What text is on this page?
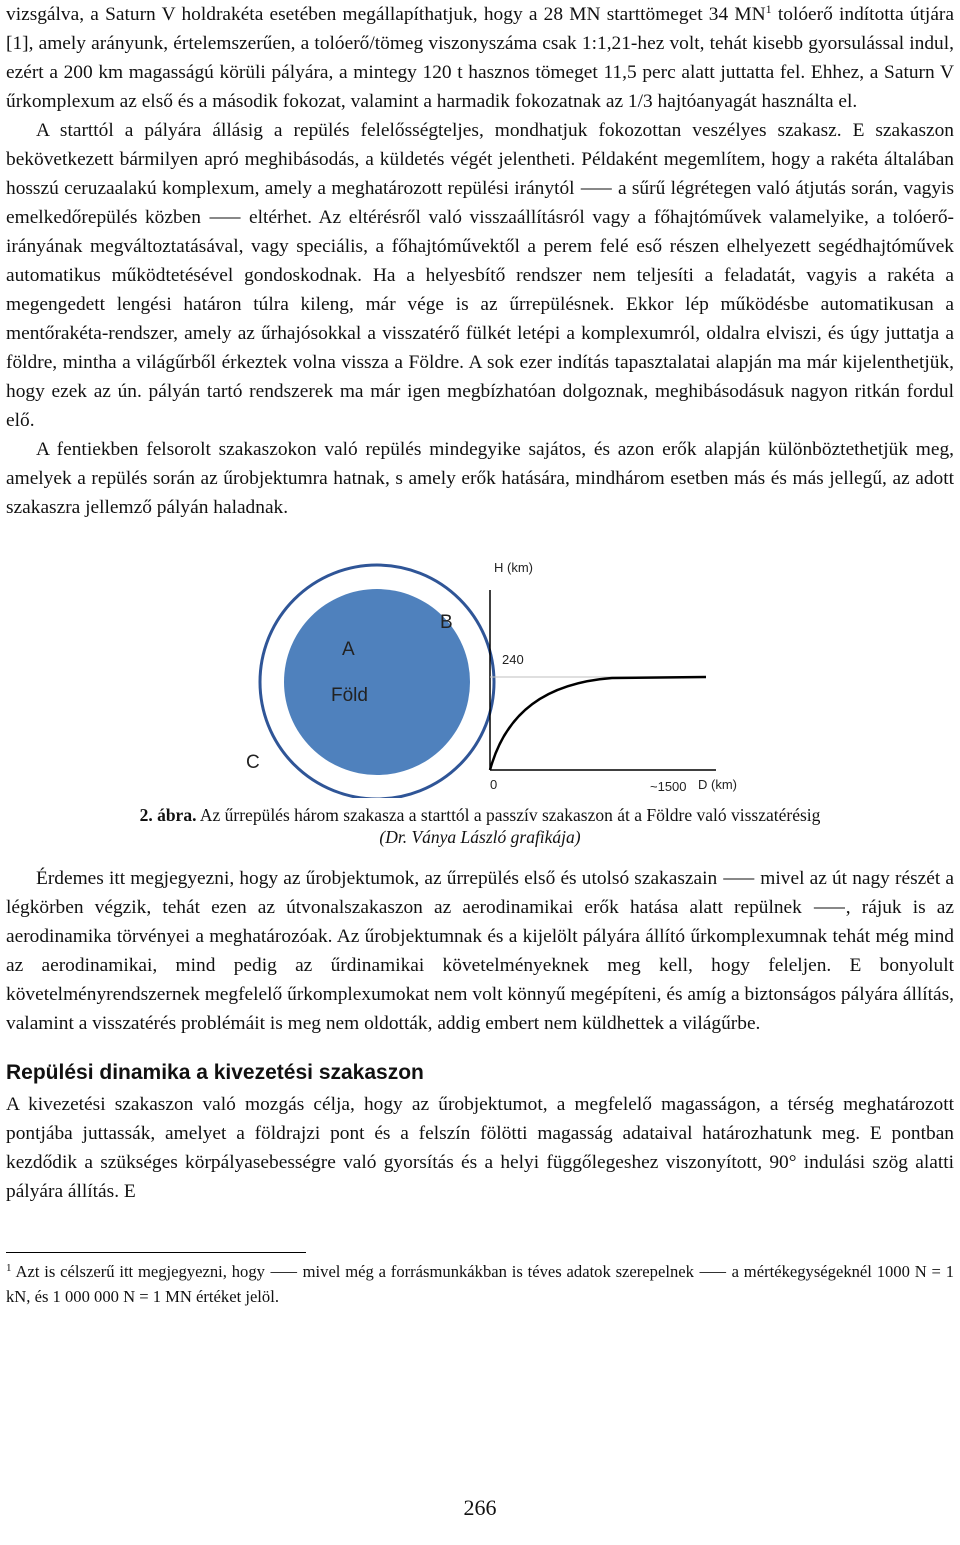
vizsgálva, a Saturn V holdrakéta esetében megállapíthatjuk, hogy a 28 MN starttömeget 34 MN$^1$ tolóerő indította útjára [1], amely arányunk, értelemszerűen, a tolóerő/tömeg viszonyszáma csak 1:1,21-hez volt, tehát kisebb gyorsulással indul, ezért a 200 km magasságú körüli pályára, a mintegy 120 t hasznos tömeget 11,5 perc alatt juttatta fel. Ehhez, a Saturn V űrkomplexum az első és a második fokozat, valamint a harmadik fokozatnak az 1/3 hajtóanyagát használta el.

A starttól a pályára állásig a repülés felelősségteljes, mondhatjuk fokozottan veszélyes szakasz. E szakaszon bekövetkezett bármilyen apró meghibásodás, a küldetés végét jelentheti. Példaként megemlítem, hogy a rakéta általában hosszú ceruzaalakú komplexum, amely a meghatározott repülési iránytól ⸺ a sűrű légrétegen való átjutás során, vagyis emelkedőrepülés közben ⸺ eltérhet. Az eltérésről való visszaállításról vagy a főhajtóművek valamelyike, a tolóerő-irányának megváltoztatásával, vagy speciális, a főhajtóművektől a perem felé eső részen elhelyezett segédhajtóművek automatikus működtetésével gondoskodnak. Ha a helyesbítő rendszer nem teljesíti a feladatát, vagyis a rakéta a megengedett lengési határon túlra kileng, már vége is az űrrepülésnek. Ekkor lép működésbe automatikusan a mentőrakéta-rendszer, amely az űrhajósokkal a visszatérő fülkét letépi a komplexumról, oldalra elviszi, és úgy juttatja a földre, mintha a világűrből érkeztek volna vissza a Földre. A sok ezer indítás tapasztalatai alapján ma már kijelenthetjük, hogy ezek az ún. pályán tartó rendszerek ma már igen megbízhatóan dolgoznak, meghibásodásuk nagyon ritkán fordul elő.

A fentiekben felsorolt szakaszokon való repülés mindegyike sajátos, és azon erők alapján különböztethetjük meg, amelyek a repülés során az űrobjektumra hatnak, s amely erők hatására, mindhárom esetben más és más jellegű, az adott szakaszra jellemző pályán haladnak.

A
Föld
B
C
H (km)
240
0	~1500 D (km)
2. ábra. Az űrrepülés három szakasza a starttól a passzív szakaszon át a Földre való visszatérésig
(Dr. Ványa László grafikája)

Érdemes itt megjegyezni, hogy az űrobjektumok, az űrrepülés első és utolsó szakaszain ⸺ mivel az út nagy részét a légkörben végzik, tehát ezen az útvonalszakaszon az aerodinamikai erők hatása alatt repülnek ⸺, rájuk is az aerodinamika törvényei a meghatározóak. Az űrobjektumnak és a kijelölt pályára állító űrkomplexumnak tehát még mind az aerodinamikai, mind pedig az űrdinamikai követelményeknek meg kell, hogy feleljen. E bonyolult követelményrendszernek megfelelő űrkomplexumokat nem volt könnyű megépíteni, és amíg a biztonságos pályára állítás, valamint a visszatérés problémáit is meg nem oldották, addig embert nem küldhettek a világűrbe.

Repülési dinamika a kivezetési szakaszon

A kivezetési szakaszon való mozgás célja, hogy az űrobjektumot, a megfelelő magasságon, a térség meghatározott pontjába juttassák, amelyet a földrajzi pont és a felszín fölötti magasság adataival határozhatunk meg. E pontban kezdődik a szükséges körpályasebességre való gyorsítás és a helyi függőlegeshez viszonyított, 90° indulási szög alatti pályára állítás. E

$^1$ Azt is célszerű itt megjegyezni, hogy ⸺ mivel még a forrásmunkákban is téves adatok szerepelnek ⸺ a mértékegységeknél 1000 N = 1 kN, és 1 000 000 N = 1 MN értéket jelöl.

266
